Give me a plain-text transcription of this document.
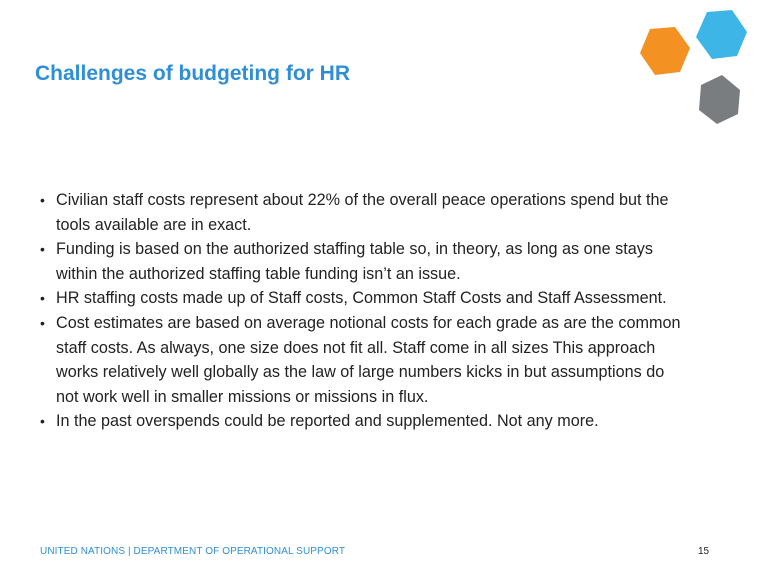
Challenges of budgeting for HR
• Civilian staff costs represent about 22% of the overall peace operations spend but the tools available are in exact.
• Funding is based on the authorized staffing table so, in theory, as long as one stays within the authorized staffing table funding isn’t an issue.
• HR staffing costs made up of Staff costs, Common Staff Costs and Staff Assessment.
• Cost estimates are based on average notional costs for each grade as are the common staff costs. As always, one size does not fit all. Staff come in all sizes This approach works relatively well globally as the law of large numbers kicks in but assumptions do not work well in smaller missions or missions in flux.
• In the past overspends could be reported and supplemented. Not any more.
UNITED NATIONS | DEPARTMENT OF OPERATIONAL SUPPORT	15
